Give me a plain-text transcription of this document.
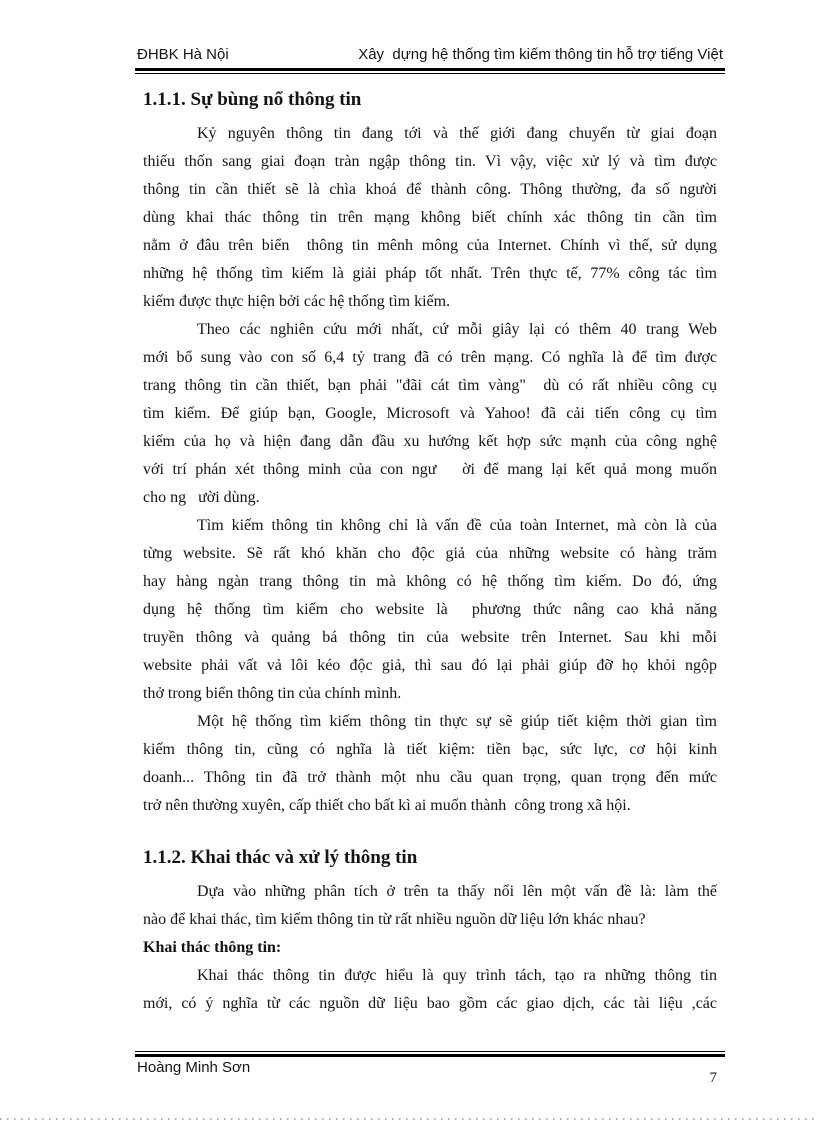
ĐHBK Hà Nội	Xây  dựng hệ thống tìm kiếm thông tin hỗ trợ tiếng Việt
1.1.1. Sự bùng nổ thông tin
Kỷ nguyên thông tin đang tới và thế giới đang chuyển từ giai đoạn
thiếu thốn sang giai đoạn tràn ngập thông tin. Vì vậy, việc xử lý và tìm được
thông tin cần thiết sẽ là chìa khoá để thành công. Thông thường, đa số người
dùng khai thác thông tin trên mạng không biết chính xác thông tin cần tìm
nằm ở đâu trên biển  thông tin mênh mông của Internet. Chính vì thế, sử dụng
những hệ thống tìm kiếm là giải pháp tốt nhất. Trên thực tế, 77% công tác tìm
kiếm được thực hiện bởi các hệ thống tìm kiếm.
Theo các nghiên cứu mới nhất, cứ mỗi giây lại có thêm 40 trang Web
mới bổ sung vào con số 6,4 tỷ trang đã có trên mạng. Có nghĩa là để tìm được
trang thông tin cần thiết, bạn phải "đãi cát tìm vàng"  dù có rất nhiều công cụ
tìm kiếm. Để giúp bạn, Google, Microsoft và Yahoo! đã cải tiến công cụ tìm
kiếm của họ và hiện đang dẫn đầu xu hướng kết hợp sức mạnh của công nghệ
với trí phán xét thông minh của con ngư   ời để mang lại kết quả mong muốn
cho ng   ười dùng.
Tìm kiếm thông tin không chỉ là vấn đề của toàn Internet, mà còn là của
từng website. Sẽ rất khó khăn cho độc giả của những website có hàng trăm
hay hàng ngàn trang thông tin mà không có hệ thống tìm kiếm. Do đó, ứng
dụng hệ thống tìm kiếm cho website là  phương thức nâng cao khả năng
truyền thông và quảng bá thông tin của website trên Internet. Sau khi mỗi
website phải vất vả lôi kéo độc giả, thì sau đó lại phải giúp đỡ họ khỏi ngộp
thở trong biển thông tin của chính mình.
Một hệ thống tìm kiếm thông tin thực sự sẽ giúp tiết kiệm thời gian tìm
kiếm thông tin, cũng có nghĩa là tiết kiệm: tiền bạc, sức lực, cơ hội kinh
doanh... Thông tin đã trở thành một nhu cầu quan trọng, quan trọng đến mức
trở nên thường xuyên, cấp thiết cho bất kì ai muốn thành  công trong xã hội.
1.1.2. Khai thác và xử lý thông tin
Dựa vào những phân tích ở trên ta thấy nổi lên một vấn đề là: làm thế
nào để khai thác, tìm kiếm thông tin từ rất nhiều nguồn dữ liệu lớn khác nhau?
Khai thác thông tin:
Khai thác thông tin được hiểu là quy trình tách, tạo ra những thông tin
mới, có ý nghĩa từ các nguồn dữ liệu bao gồm các giao dịch, các tài liệu ,các
Hoàng Minh Sơn
7
